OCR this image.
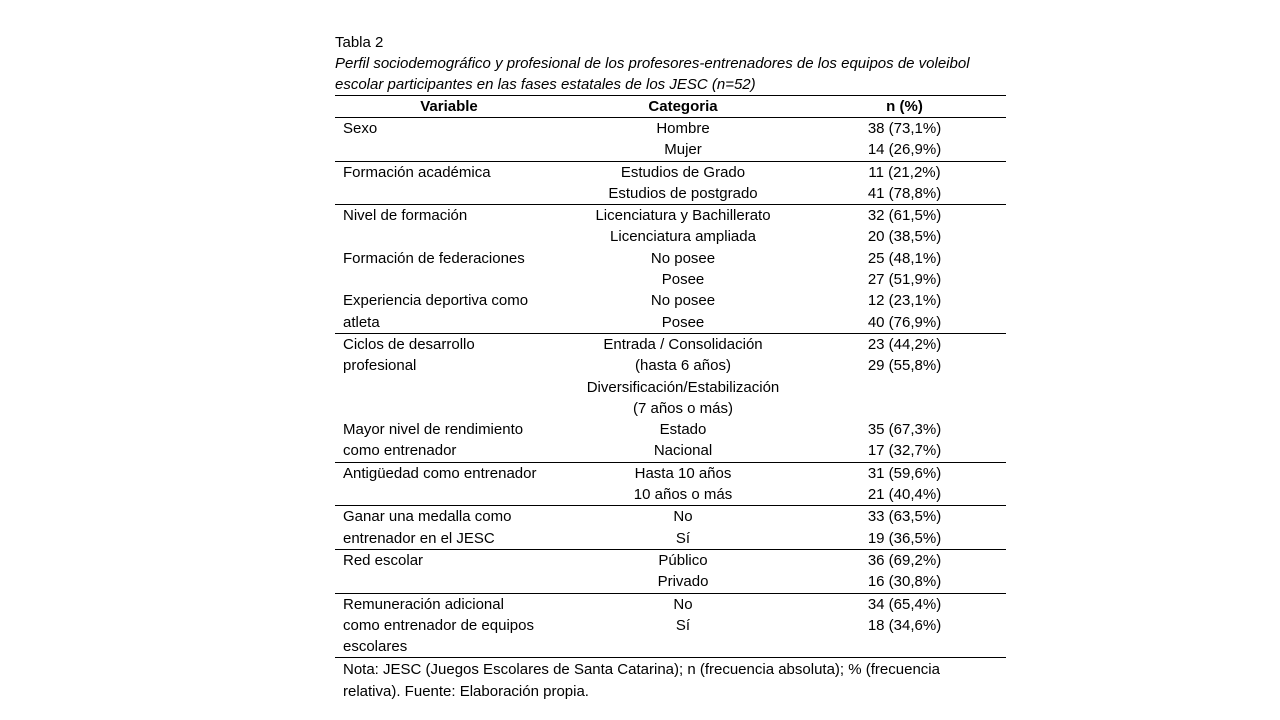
Tabla 2
Perfil sociodemográfico y profesional de los profesores-entrenadores de los equipos de voleibol
escolar participantes en las fases estatales de los JESC (n=52)
Variable	Categoria	n (%)
Sexo	Hombre	38 (73,1%)
	Mujer	14 (26,9%)
Formación académica	Estudios de Grado	11 (21,2%)
	Estudios de postgrado	41 (78,8%)
Nivel de formación	Licenciatura y Bachillerato	32 (61,5%)
	Licenciatura ampliada	20 (38,5%)
Formación de federaciones	No posee	25 (48,1%)
	Posee	27 (51,9%)
Experiencia deportiva como	No posee	12 (23,1%)
atleta	Posee	40 (76,9%)
Ciclos de desarrollo	Entrada / Consolidación	23 (44,2%)
profesional	(hasta 6 años)	29 (55,8%)
	Diversificación/Estabilización	
	(7 años o más)	
Mayor nivel de rendimiento	Estado	35 (67,3%)
como entrenador	Nacional	17 (32,7%)
Antigüedad como entrenador	Hasta 10 años	31 (59,6%)
	10 años o más	21 (40,4%)
Ganar una medalla como	No	33 (63,5%)
entrenador en el JESC	Sí	19 (36,5%)
Red escolar	Público	36 (69,2%)
	Privado	16 (30,8%)
Remuneración adicional	No	34 (65,4%)
como entrenador de equipos	Sí	18 (34,6%)
escolares		
Nota: JESC (Juegos Escolares de Santa Catarina); n (frecuencia absoluta); % (frecuencia
relativa). Fuente: Elaboración propia.
